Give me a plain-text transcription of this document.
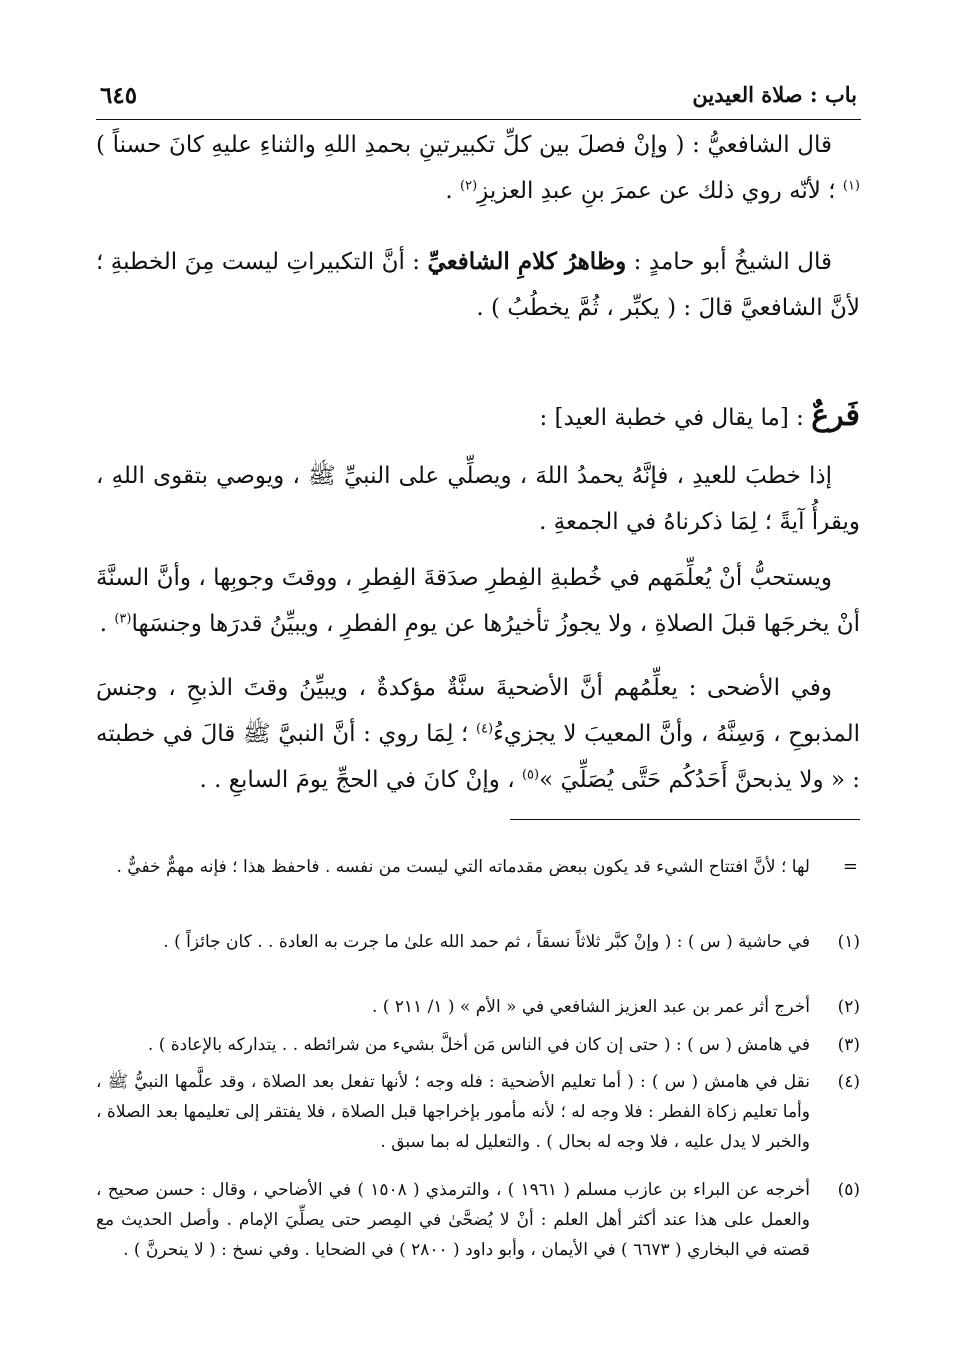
باب : صلاة العيدين
٦٤٥

قال الشافعيُّ : ( وإنْ فصلَ بين كلِّ تكبيرتينِ بحمدِ اللهِ والثناءِ عليهِ كانَ حسناً )$^{(١)}$ ؛ لأنّه روي ذلك عن عمرَ بنِ عبدِ العزيزِ$^{(٢)}$ .

قال الشيخُ أبو حامدٍ : وظاهرُ كلامِ الشافعيِّ : أنَّ التكبيراتِ ليست مِنَ الخطبةِ ؛ لأنَّ الشافعيَّ قالَ : ( يكبِّر ، ثُمَّ يخطُبُ ) .

فَرعٌ : [ما يقال في خطبة العيد] :

إذا خطبَ للعيدِ ، فإنَّهُ يحمدُ اللهَ ، ويصلِّي على النبيِّ ﷺ ، ويوصي بتقوى اللهِ ، ويقرأُ آيةً ؛ لِمَا ذكرناهُ في الجمعةِ .

ويستحبُّ أنْ يُعلِّمَهم في خُطبةِ الفِطرِ صدَقةَ الفِطرِ ، ووقتَ وجوبِها ، وأنَّ السنَّةَ أنْ يخرجَها قبلَ الصلاةِ ، ولا يجوزُ تأخيرُها عن يومِ الفطرِ ، ويبيِّنُ قدرَها وجنسَها$^{(٣)}$ .

وفي الأضحى : يعلِّمُهم أنَّ الأضحيةَ سنَّةٌ مؤكدةٌ ، ويبيِّنُ وقتَ الذبحِ ، وجنسَ المذبوحِ ، وَسِنَّهُ ، وأنَّ المعيبَ لا يجزيءُ$^{(٤)}$ ؛ لِمَا روي : أنَّ النبيَّ ﷺ قالَ في خطبته : « ولا يذبحنَّ أَحَدُكُم حَتَّى يُصَلِّيَ »$^{(٥)}$ ، وإنْ كانَ في الحجِّ يومَ السابعِ . .

=
لها ؛ لأنَّ افتتاح الشيء قد يكون ببعض مقدماته التي ليست من نفسه . فاحفظ هذا ؛ فإنه مهمٌّ خفيٌّ .
(١)
في حاشية ( س ) : ( وإنْ كبَّر ثلاثاً نسقاً ، ثم حمد الله علىٰ ما جرت به العادة . . كان جائزاً ) .
(٢)
أخرج أثر عمر بن عبد العزيز الشافعي في « الأم » ( ١/ ٢١١ ) .
(٣)
في هامش ( س ) : ( حتى إن كان في الناس مَن أخلَّ بشيء من شرائطه . . يتداركه بالإعادة ) .
(٤)
نقل في هامش ( س ) : ( أما تعليم الأضحية : فله وجه ؛ لأنها تفعل بعد الصلاة ، وقد علَّمها النبيُّ ﷺ ، وأما تعليم زكاة الفطر : فلا وجه له ؛ لأنه مأمور بإخراجها قبل الصلاة ، فلا يفتقر إلى تعليمها بعد الصلاة ، والخبر لا يدل عليه ، فلا وجه له بحال ) . والتعليل له بما سبق .
(٥)
أخرجه عن البراء بن عازب مسلم ( ١٩٦١ ) ، والترمذي ( ١٥٠٨ ) في الأضاحي ، وقال : حسن صحيح ، والعمل على هذا عند أكثر أهل العلم : أنْ لا يُضحَّىٰ في المِصر حتى يصلِّيَ الإمام . وأصل الحديث مع قصته في البخاري ( ٦٦٧٣ ) في الأيمان ، وأبو داود ( ٢٨٠٠ ) في الضحايا . وفي نسخ : ( لا ينحرنَّ ) .
